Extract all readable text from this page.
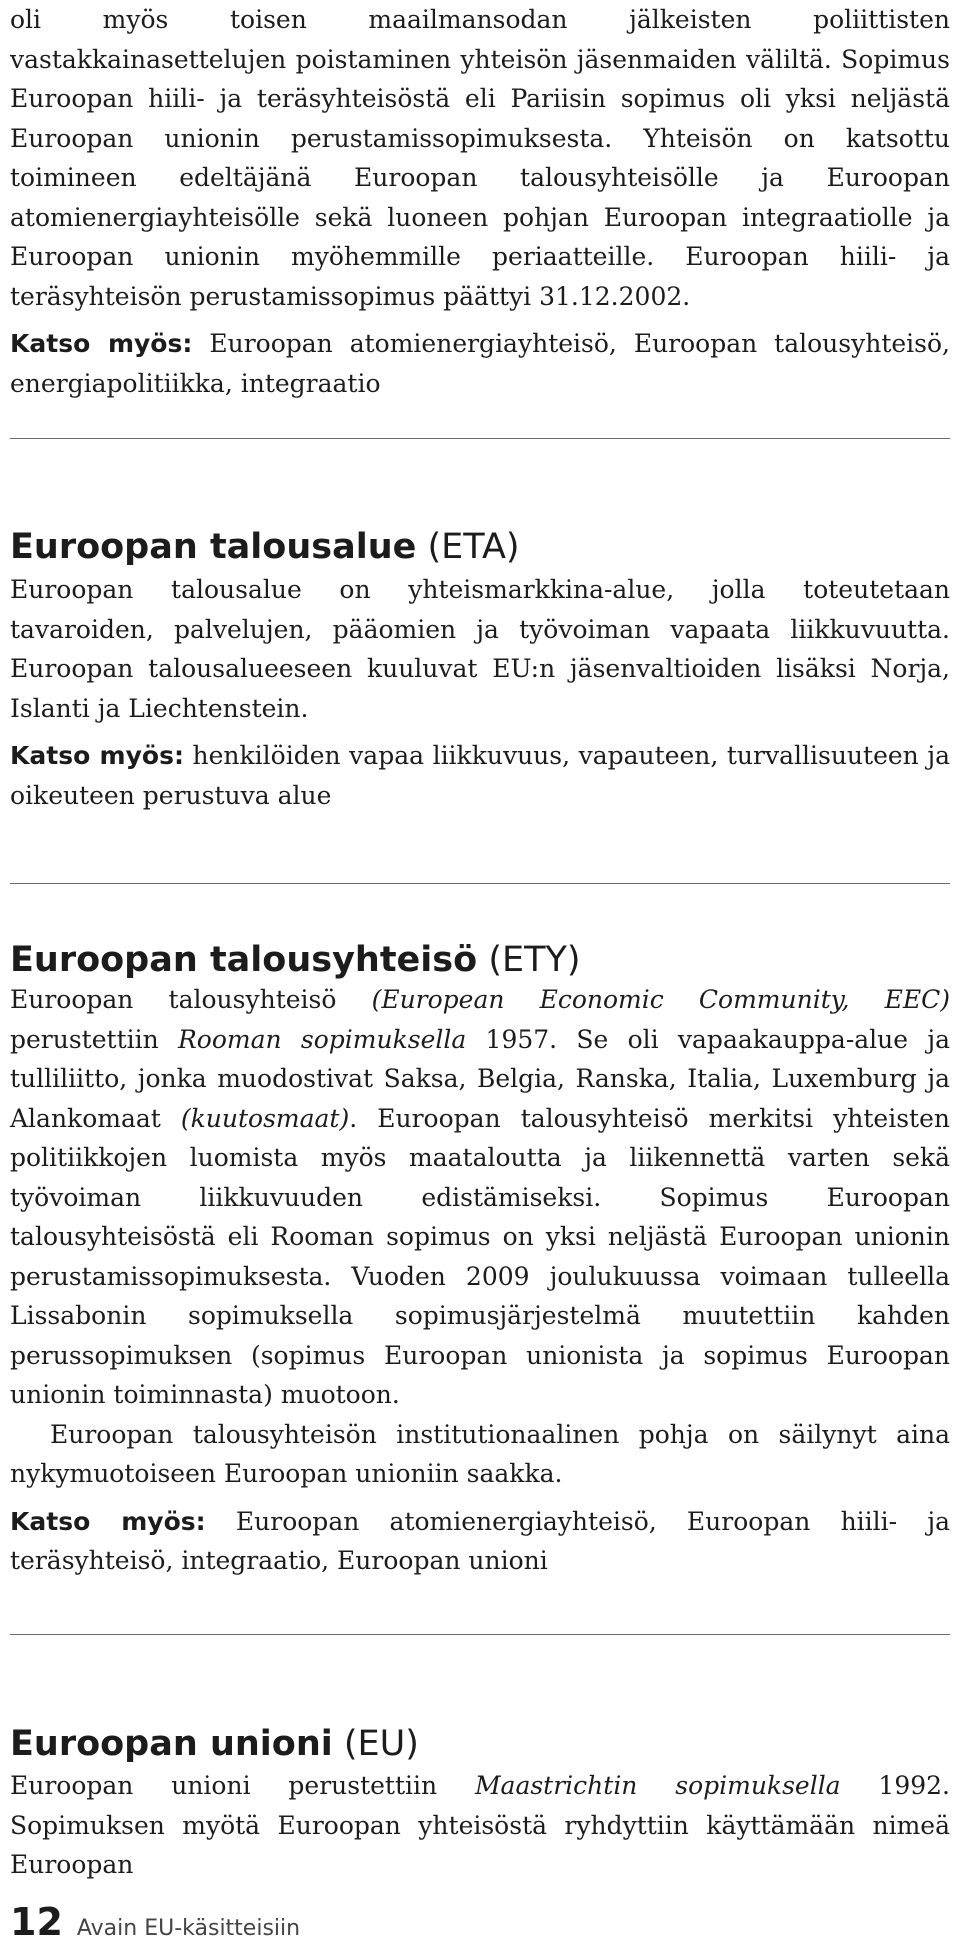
oli myös toisen maailmansodan jälkeisten poliittisten vastakkainasettelujen poistaminen yhteisön jäsenmaiden väliltä. Sopimus Euroopan hiili- ja teräsyhteisöstä eli Pariisin sopimus oli yksi neljästä Euroopan unionin perustamissopimuksesta. Yhteisön on katsottu toimineen edeltäjänä Euroopan talousyhteisölle ja Euroopan atomienergiayhteisölle sekä luoneen pohjan Euroopan integraatiolle ja Euroopan unionin myöhemmille periaatteille. Euroopan hiili- ja teräsyhteisön perustamissopimus päättyi 31.12.2002.

Katso myös: Euroopan atomienergiayhteisö, Euroopan talousyhteisö, energiapolitiikka, integraatio

Euroopan talousalue (ETA)

Euroopan talousalue on yhteismarkkina-alue, jolla toteutetaan tavaroiden, palvelujen, pääomien ja työvoiman vapaata liikkuvuutta. Euroopan talousalueeseen kuuluvat EU:n jäsenvaltioiden lisäksi Norja, Islanti ja Liechtenstein.

Katso myös: henkilöiden vapaa liikkuvuus, vapauteen, turvallisuuteen ja oikeuteen perustuva alue

Euroopan talousyhteisö (ETY)

Euroopan talousyhteisö (European Economic Community, EEC) perustettiin Rooman sopimuksella 1957. Se oli vapaakauppa-alue ja tulliliitto, jonka muodostivat Saksa, Belgia, Ranska, Italia, Luxemburg ja Alankomaat (kuutosmaat). Euroopan talousyhteisö merkitsi yhteisten politiikkojen luomista myös maataloutta ja liikennettä varten sekä työvoiman liikkuvuuden edistämiseksi. Sopimus Euroopan talousyhteisöstä eli Rooman sopimus on yksi neljästä Euroopan unionin perustamissopimuksesta. Vuoden 2009 joulukuussa voimaan tulleella Lissabonin sopimuksella sopimusjärjestelmä muutettiin kahden perussopimuksen (sopimus Euroopan unionista ja sopimus Euroopan unionin toiminnasta) muotoon.

Euroopan talousyhteisön institutionaalinen pohja on säilynyt aina nykymuotoiseen Euroopan unioniin saakka.

Katso myös: Euroopan atomienergiayhteisö, Euroopan hiili- ja teräsyhteisö, integraatio, Euroopan unioni

Euroopan unioni (EU)

Euroopan unioni perustettiin Maastrichtin sopimuksella 1992. Sopimuksen myötä Euroopan yhteisöstä ryhdyttiin käyttämään nimeä Euroopan

12 Avain EU-käsitteisiin
